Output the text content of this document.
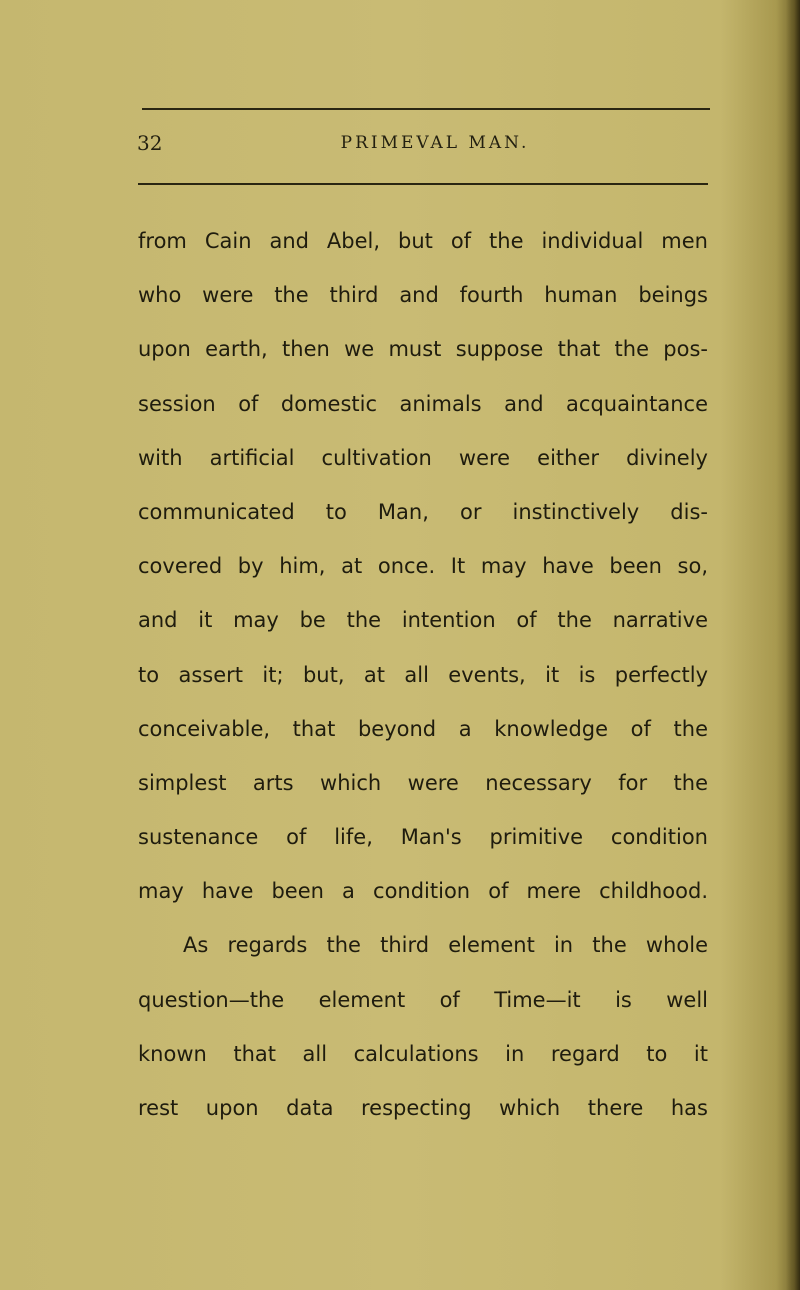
32	PRIMEVAL MAN.
from Cain and Abel, but of the individual men
who were the third and fourth human beings
upon earth, then we must suppose that the pos-
session of domestic animals and acquaintance
with artificial cultivation were either divinely
communicated to Man, or instinctively dis-
covered by him, at once. It may have been so,
and it may be the intention of the narrative
to assert it; but, at all events, it is perfectly
conceivable, that beyond a knowledge of the
simplest arts which were necessary for the
sustenance of life, Man's primitive condition
may have been a condition of mere childhood.
As regards the third element in the whole
question—the element of Time—it is well
known that all calculations in regard to it
rest upon data respecting which there has
